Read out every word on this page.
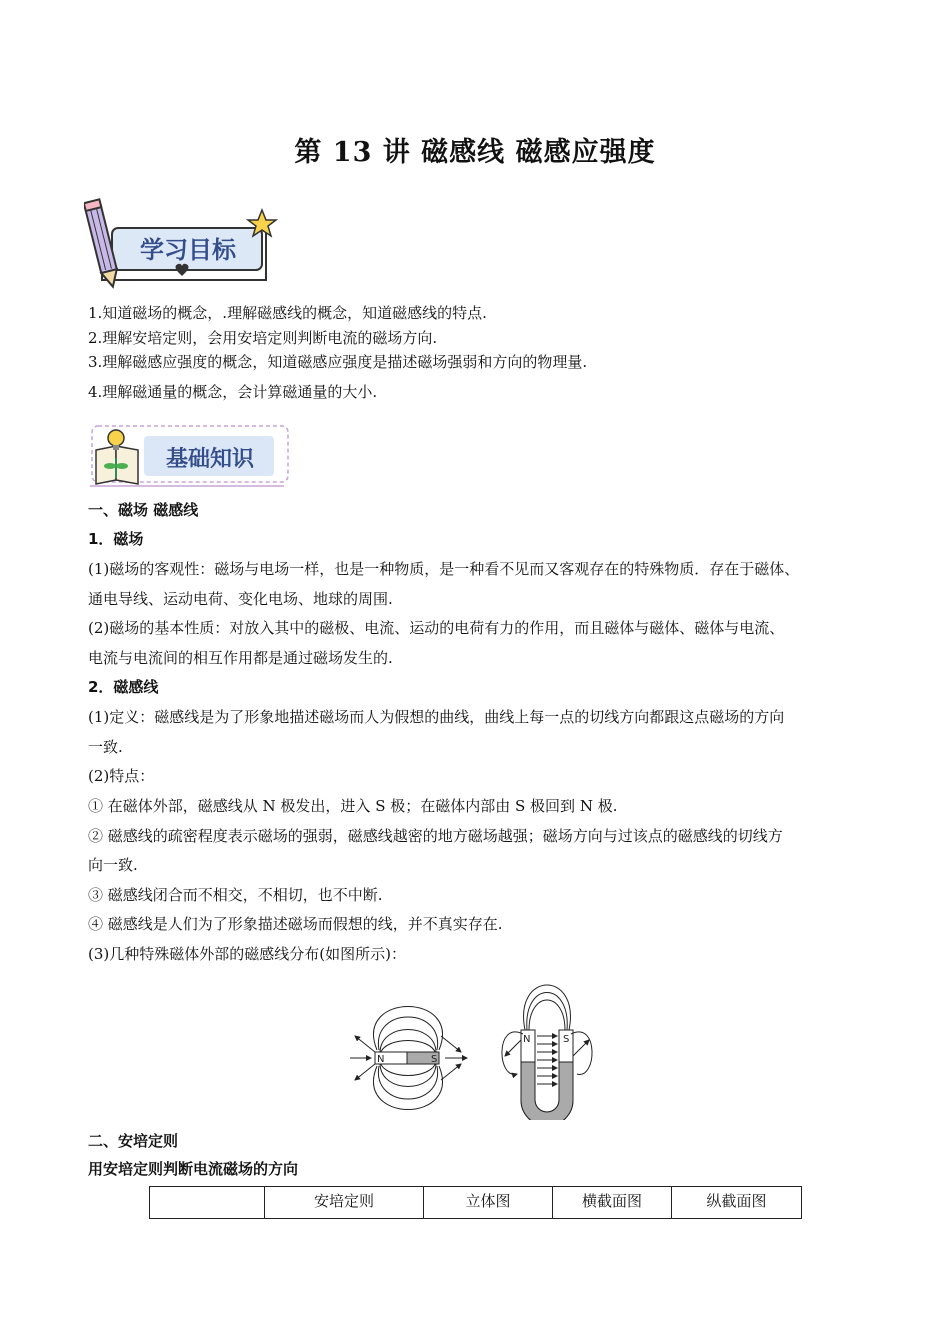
第 13 讲 磁感线 磁感应强度
学习目标
1.知道磁场的概念，.理解磁感线的概念，知道磁感线的特点.
2.理解安培定则，会用安培定则判断电流的磁场方向.
3.理解磁感应强度的概念，知道磁感应强度是描述磁场强弱和方向的物理量.
4.理解磁通量的概念，会计算磁通量的大小.
基础知识
一、磁场 磁感线
1．磁场
(1)磁场的客观性：磁场与电场一样，也是一种物质，是一种看不见而又客观存在的特殊物质．存在于磁体、
通电导线、运动电荷、变化电场、地球的周围.
(2)磁场的基本性质：对放入其中的磁极、电流、运动的电荷有力的作用，而且磁体与磁体、磁体与电流、
电流与电流间的相互作用都是通过磁场发生的.
2．磁感线
(1)定义：磁感线是为了形象地描述磁场而人为假想的曲线，曲线上每一点的切线方向都跟这点磁场的方向
一致.
(2)特点：
① 在磁体外部，磁感线从 N 极发出，进入 S 极；在磁体内部由 S 极回到 N 极.
② 磁感线的疏密程度表示磁场的强弱，磁感线越密的地方磁场越强；磁场方向与过该点的磁感线的切线方
向一致.
③ 磁感线闭合而不相交，不相切，也不中断.
④ 磁感线是人们为了形象描述磁场而假想的线，并不真实存在.
(3)几种特殊磁体外部的磁感线分布(如图所示)：
N	S
N	S
二、安培定则
用安培定则判断电流磁场的方向
	安培定则	立体图	横截面图	纵截面图
